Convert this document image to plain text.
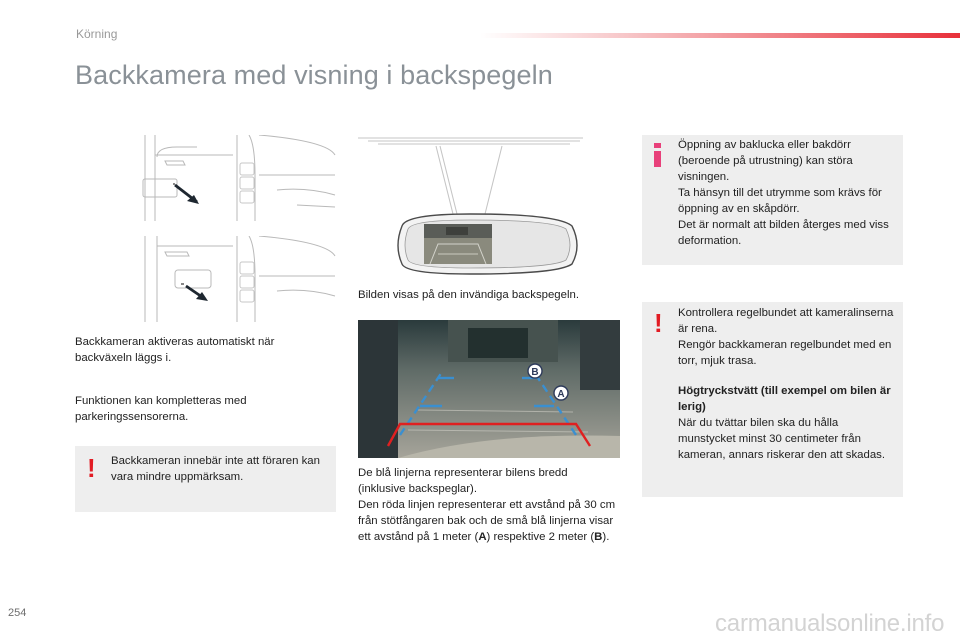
Körning
Backkamera med visning i backspegeln
Backkameran aktiveras automatiskt när backväxeln läggs i.
Funktionen kan kompletteras med parkeringssensorerna.
! Backkameran innebär inte att föraren kan vara mindre uppmärksam.
Bilden visas på den invändiga backspegeln.
B
A

De blå linjerna representerar bilens bredd (inklusive backspeglar).

Den röda linjen representerar ett avstånd på 30 cm från stötfångaren bak och de små blå linjerna visar ett avstånd på 1 meter (A) respektive 2 meter (B).

Öppning av baklucka eller bakdörr (beroende på utrustning) kan störa visningen.

Ta hänsyn till det utrymme som krävs för öppning av en skåpdörr.

Det är normalt att bilden återges med viss deformation.

! Kontrollera regelbundet att kameralinserna är rena.

Rengör backkameran regelbundet med en torr, mjuk trasa.

Högtryckstvätt (till exempel om bilen är lerig)

När du tvättar bilen ska du hålla munstycket minst 30 centimeter från kameran, annars riskerar den att skadas.

254	carmanualsonline.info
